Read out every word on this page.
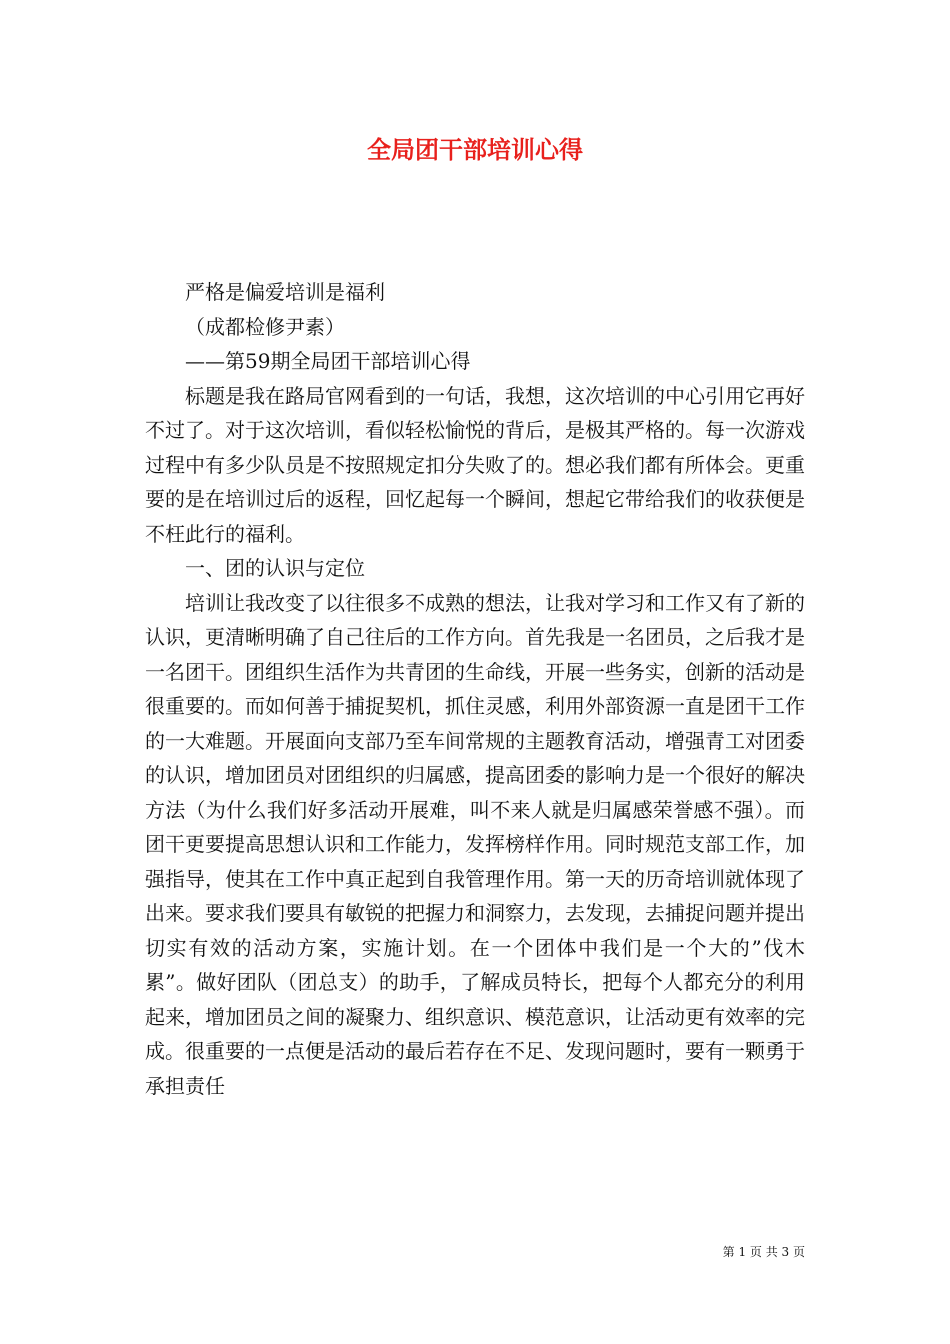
全局团干部培训心得

严格是偏爱培训是福利

（成都检修尹素）

——第59期全局团干部培训心得

标题是我在路局官网看到的一句话，我想，这次培训的中心引用它再好不过了。对于这次培训，看似轻松愉悦的背后，是极其严格的。每一次游戏过程中有多少队员是不按照规定扣分失败了的。想必我们都有所体会。更重要的是在培训过后的返程，回忆起每一个瞬间，想起它带给我们的收获便是不枉此行的福利。

一、团的认识与定位

培训让我改变了以往很多不成熟的想法，让我对学习和工作又有了新的认识，更清晰明确了自己往后的工作方向。首先我是一名团员，之后我才是一名团干。团组织生活作为共青团的生命线，开展一些务实，创新的活动是很重要的。而如何善于捕捉契机，抓住灵感，利用外部资源一直是团干工作的一大难题。开展面向支部乃至车间常规的主题教育活动，增强青工对团委的认识，增加团员对团组织的归属感，提高团委的影响力是一个很好的解决方法（为什么我们好多活动开展难，叫不来人就是归属感荣誉感不强）。而团干更要提高思想认识和工作能力，发挥榜样作用。同时规范支部工作，加强指导，使其在工作中真正起到自我管理作用。第一天的历奇培训就体现了出来。要求我们要具有敏锐的把握力和洞察力，去发现，去捕捉问题并提出切实有效的活动方案，实施计划。在一个团体中我们是一个大的”伐木累”。做好团队（团总支）的助手，了解成员特长，把每个人都充分的利用起来，增加团员之间的凝聚力、组织意识、模范意识，让活动更有效率的完成。很重要的一点便是活动的最后若存在不足、发现问题时，要有一颗勇于承担责任

第 1 页 共 3 页
